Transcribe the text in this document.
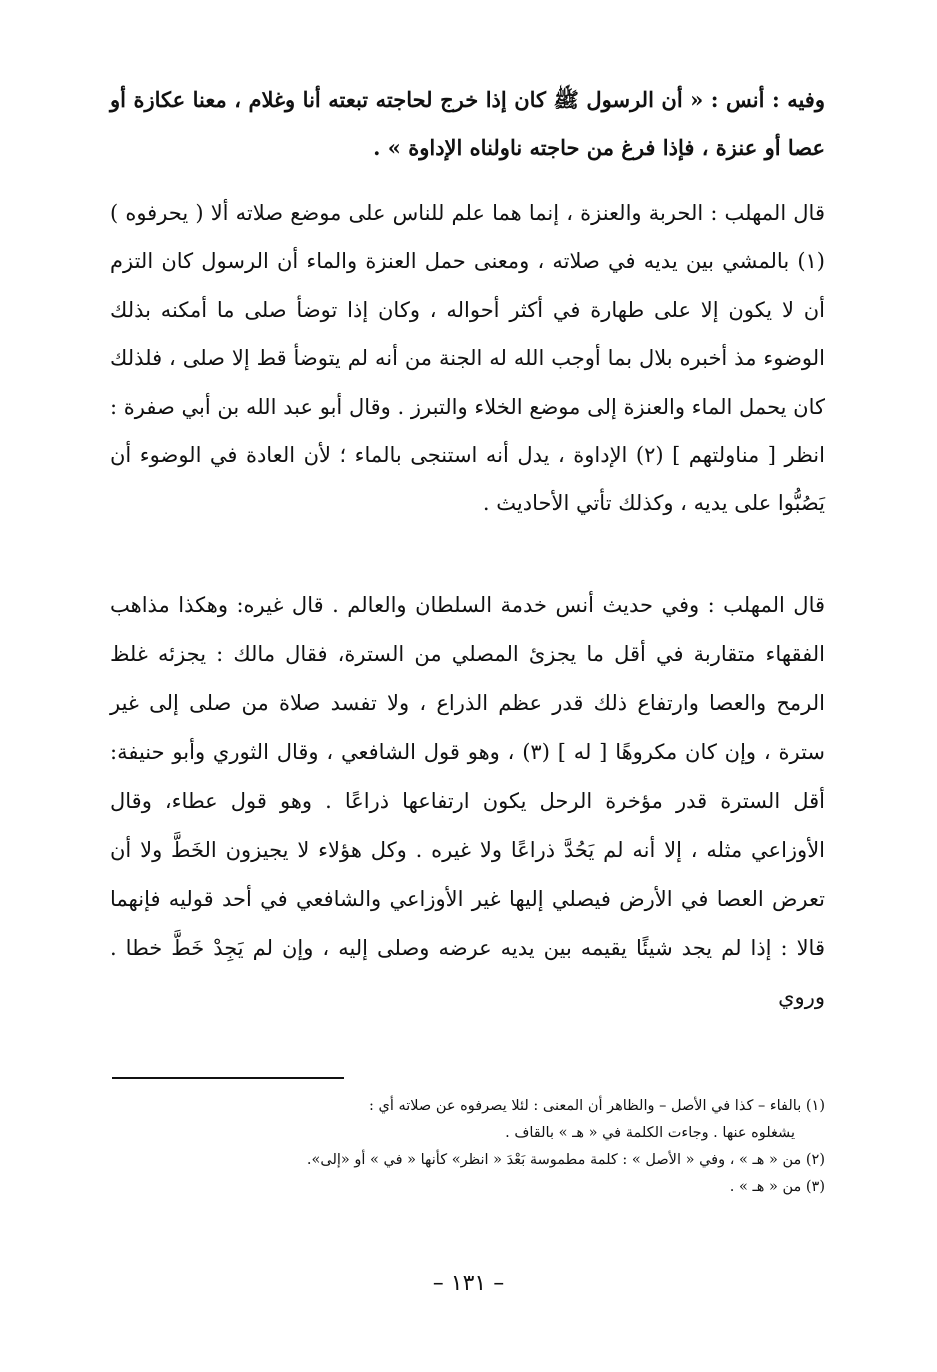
وفيه : أنس : « أن الرسول ﷺ كان إذا خرج لحاجته تبعته أنا وغلام ، معنا عكازة أو عصا أو عنزة ، فإذا فرغ من حاجته ناولناه الإداوة » .

قال المهلب : الحربة والعنزة ، إنما هما علم للناس على موضع صلاته ألا ( يحرفوه ) (١) بالمشي بين يديه في صلاته ، ومعنى حمل العنزة والماء أن الرسول كان التزم أن لا يكون إلا على طهارة في أكثر أحواله ، وكان إذا توضأ صلى ما أمكنه بذلك الوضوء مذ أخبره بلال بما أوجب الله له الجنة من أنه لم يتوضأ قط إلا صلى ، فلذلك كان يحمل الماء والعنزة إلى موضع الخلاء والتبرز . وقال أبو عبد الله بن أبي صفرة : انظر [ مناولتهم ] (٢) الإداوة ، يدل أنه استنجى بالماء ؛ لأن العادة في الوضوء أن يَصُبُّوا على يديه ، وكذلك تأتي الأحاديث .

قال المهلب : وفي حديث أنس خدمة السلطان والعالم . قال غيره: وهكذا مذاهب الفقهاء متقاربة في أقل ما يجزئ المصلي من السترة، فقال مالك : يجزئه غلظ الرمح والعصا وارتفاع ذلك قدر عظم الذراع ، ولا تفسد صلاة من صلى إلى غير سترة ، وإن كان مكروهًا [ له ] (٣) ، وهو قول الشافعي ، وقال الثوري وأبو حنيفة: أقل السترة قدر مؤخرة الرحل يكون ارتفاعها ذراعًا . وهو قول عطاء، وقال الأوزاعي مثله ، إلا أنه لم يَحُدَّ ذراعًا ولا غيره . وكل هؤلاء لا يجيزون الخَطَّ ولا أن تعرض العصا في الأرض فيصلي إليها غير الأوزاعي والشافعي في أحد قوليه فإنهما قالا : إذا لم يجد شيئًا يقيمه بين يديه عرضه وصلى إليه ، وإن لم يَجِدْ خَطَّ خطا . وروي

(١) بالفاء – كذا في الأصل – والظاهر أن المعنى : لئلا يصرفوه عن صلاته أي :
يشغلوه عنها . وجاءت الكلمة في « هـ » بالقاف .

(٢) من « هـ » ، وفي « الأصل » : كلمة مطموسة بَعْدَ « انظر» كأنها « في » أو «إلى».

(٣) من « هـ » .

– ١٣١ –
